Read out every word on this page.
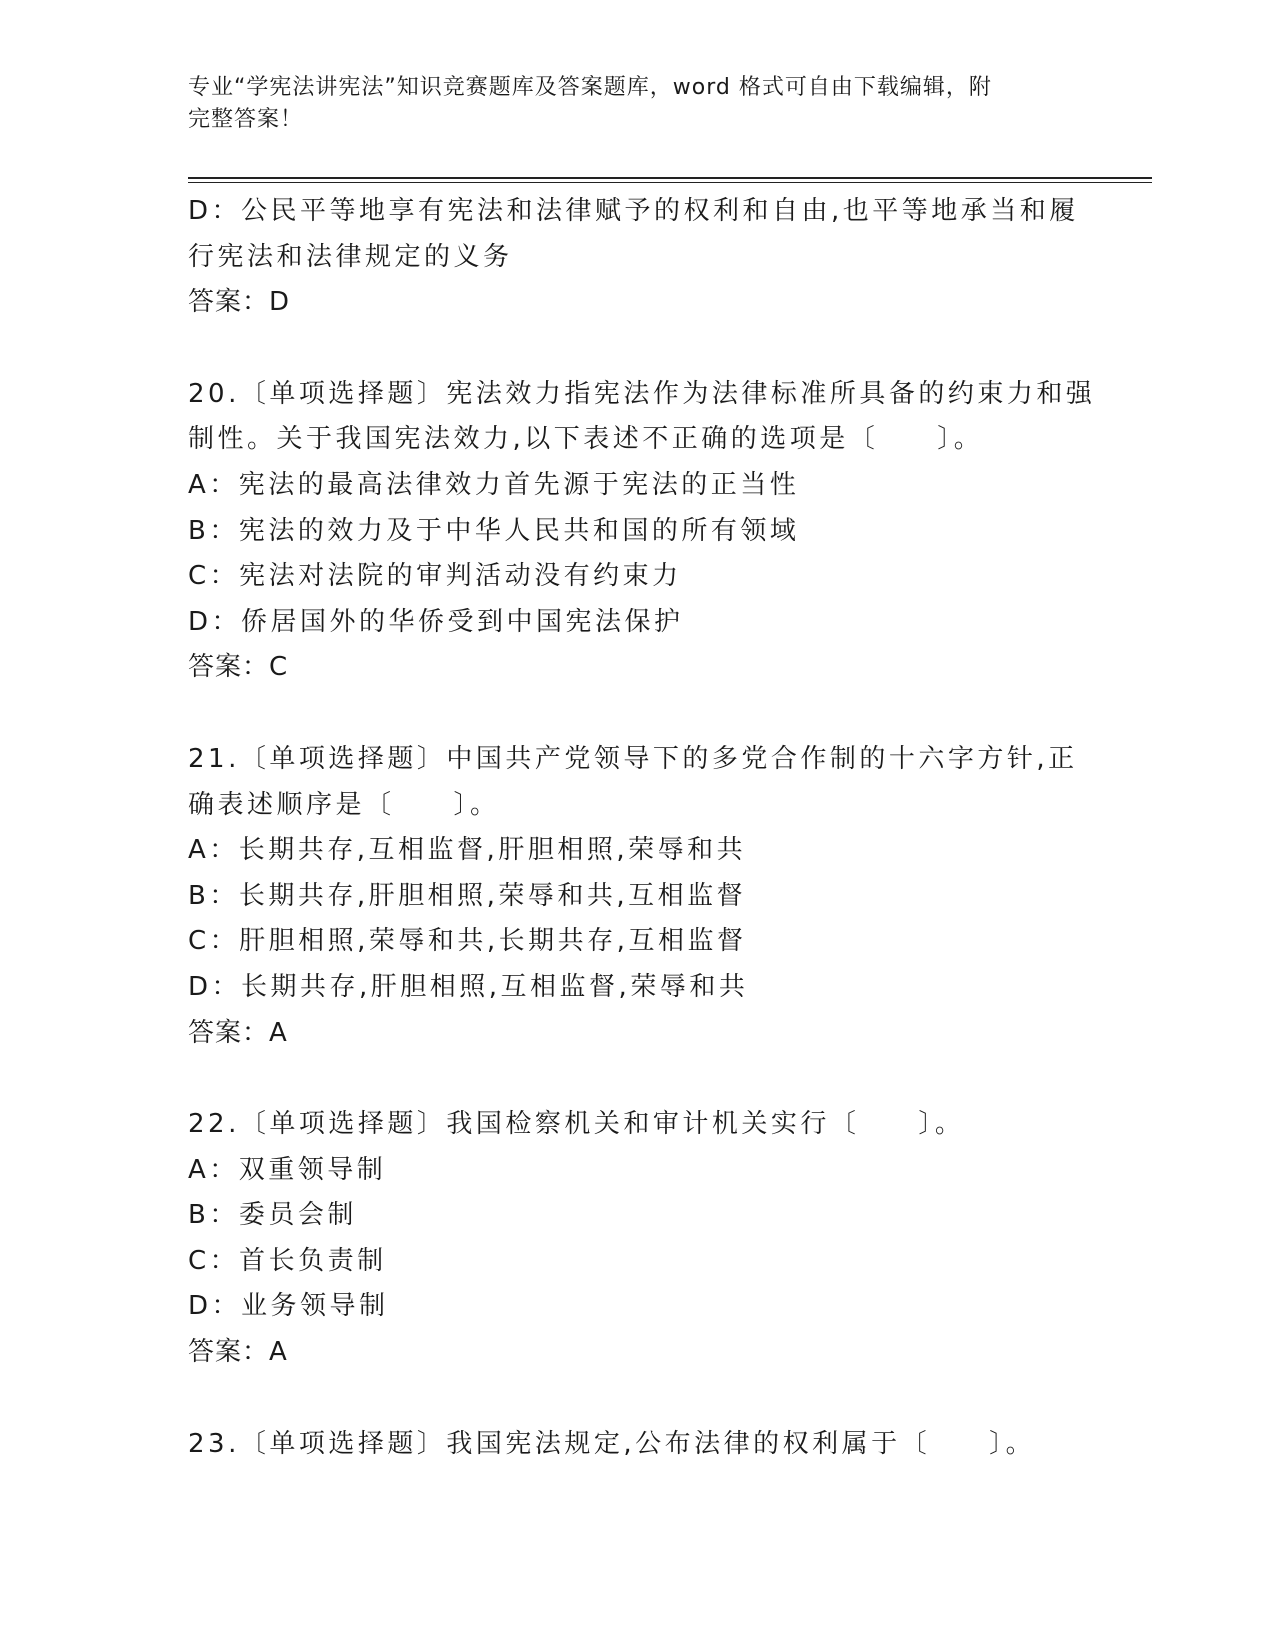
专业“学宪法讲宪法”知识竞赛题库及答案题库，word 格式可自由下载编辑，附
完整答案！
D：公民平等地享有宪法和法律赋予的权利和自由,也平等地承当和履
行宪法和法律规定的义务
答案：D
20.〔单项选择题〕宪法效力指宪法作为法律标准所具备的约束力和强
制性。关于我国宪法效力,以下表述不正确的选项是〔　　〕。
A：宪法的最高法律效力首先源于宪法的正当性
B：宪法的效力及于中华人民共和国的所有领域
C：宪法对法院的审判活动没有约束力
D：侨居国外的华侨受到中国宪法保护
答案：C
21.〔单项选择题〕中国共产党领导下的多党合作制的十六字方针,正
确表述顺序是〔　　〕。
A：长期共存,互相监督,肝胆相照,荣辱和共
B：长期共存,肝胆相照,荣辱和共,互相监督
C：肝胆相照,荣辱和共,长期共存,互相监督
D：长期共存,肝胆相照,互相监督,荣辱和共
答案：A
22.〔单项选择题〕我国检察机关和审计机关实行〔　　〕。
A：双重领导制
B：委员会制
C：首长负责制
D：业务领导制
答案：A
23.〔单项选择题〕我国宪法规定,公布法律的权利属于〔　　〕。
